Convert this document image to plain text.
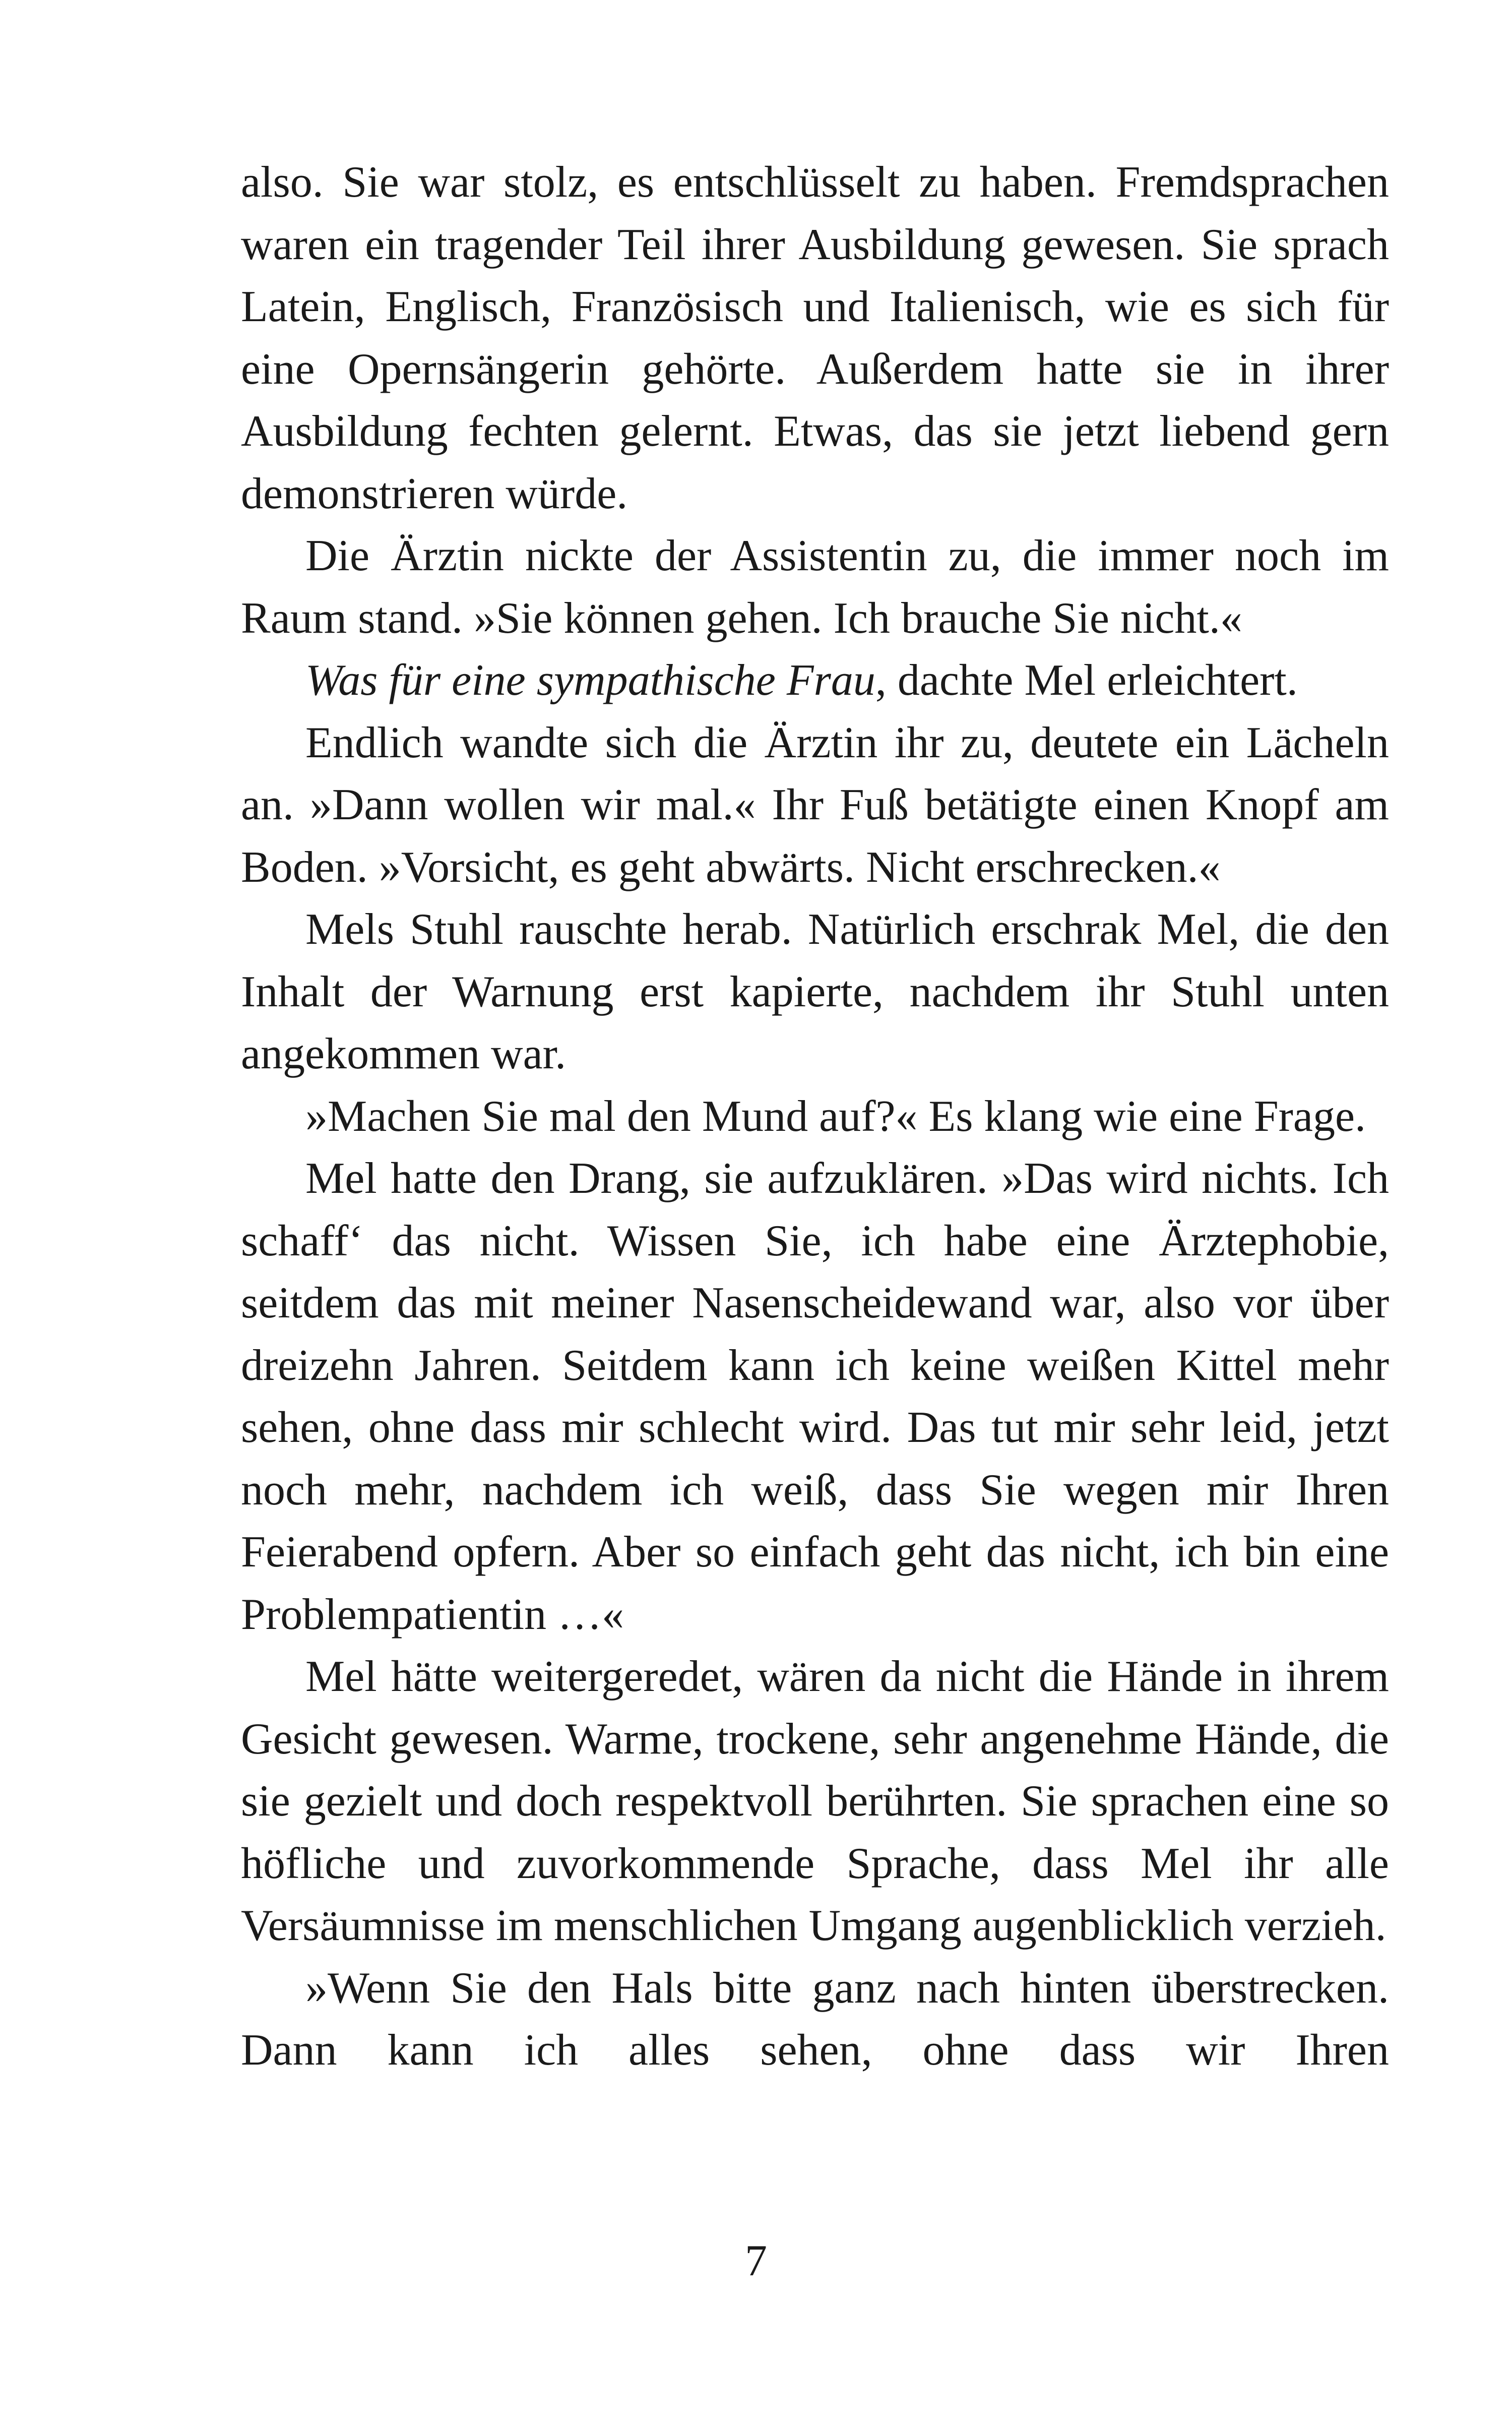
also. Sie war stolz, es entschlüsselt zu haben. Fremdsprachen waren ein tragender Teil ihrer Ausbildung gewesen. Sie sprach Latein, Englisch, Französisch und Italienisch, wie es sich für eine Opernsängerin gehörte. Außerdem hatte sie in ihrer Ausbildung fechten gelernt. Etwas, das sie jetzt liebend gern demonstrieren würde.

Die Ärztin nickte der Assistentin zu, die immer noch im Raum stand. »Sie können gehen. Ich brauche Sie nicht.«

Was für eine sympathische Frau, dachte Mel erleichtert.

Endlich wandte sich die Ärztin ihr zu, deutete ein Lächeln an. »Dann wollen wir mal.« Ihr Fuß betätigte einen Knopf am Boden. »Vorsicht, es geht abwärts. Nicht erschrecken.«

Mels Stuhl rauschte herab. Natürlich erschrak Mel, die den Inhalt der Warnung erst kapierte, nachdem ihr Stuhl unten angekommen war.

»Machen Sie mal den Mund auf?« Es klang wie eine Frage.

Mel hatte den Drang, sie aufzuklären. »Das wird nichts. Ich schaff‘ das nicht. Wissen Sie, ich habe eine Ärztephobie, seitdem das mit meiner Nasenscheidewand war, also vor über dreizehn Jahren. Seitdem kann ich keine weißen Kittel mehr sehen, ohne dass mir schlecht wird. Das tut mir sehr leid, jetzt noch mehr, nachdem ich weiß, dass Sie wegen mir Ihren Feierabend opfern. Aber so einfach geht das nicht, ich bin eine Problempatientin …«

Mel hätte weitergeredet, wären da nicht die Hände in ihrem Gesicht gewesen. Warme, trockene, sehr angenehme Hände, die sie gezielt und doch respektvoll berührten. Sie sprachen eine so höfliche und zuvorkommende Sprache, dass Mel ihr alle Versäumnisse im menschlichen Umgang augenblicklich verzieh.

»Wenn Sie den Hals bitte ganz nach hinten überstrecken. Dann kann ich alles sehen, ohne dass wir Ihren

7
